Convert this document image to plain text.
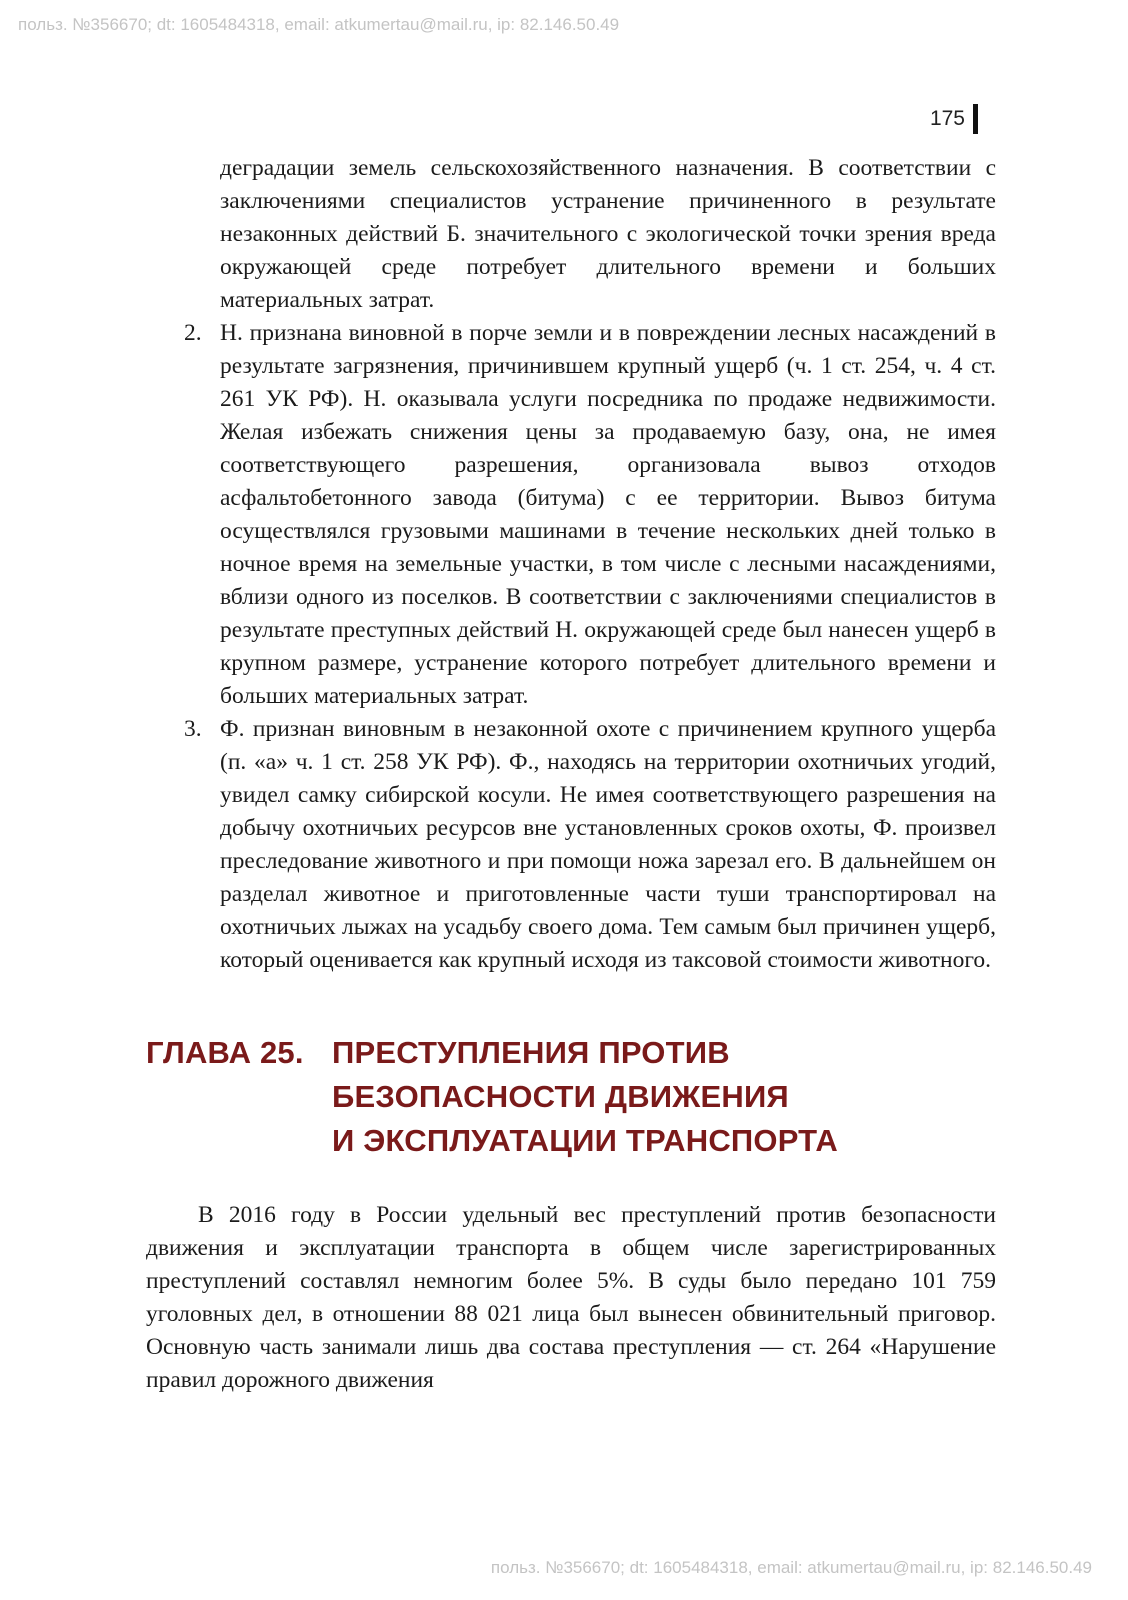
польз. №356670; dt: 1605484318, email: atkumertau@mail.ru, ip: 82.146.50.49
175

деградации земель сельскохозяйственного назначения. В соответствии с заключениями специалистов устранение причиненного в результате незаконных действий Б. значительного с экологической точки зрения вреда окружающей среде потребует длительного времени и больших материальных затрат.

2. Н. признана виновной в порче земли и в повреждении лесных насаждений в результате загрязнения, причинившем крупный ущерб (ч. 1 ст. 254, ч. 4 ст. 261 УК РФ). Н. оказывала услуги посредника по продаже недвижимости. Желая избежать снижения цены за продаваемую базу, она, не имея соответствующего разрешения, организовала вывоз отходов асфальтобетонного завода (битума) с ее территории. Вывоз битума осуществлялся грузовыми машинами в течение нескольких дней только в ночное время на земельные участки, в том числе с лесными насаждениями, вблизи одного из поселков. В соответствии с заключениями специалистов в результате преступных действий Н. окружающей среде был нанесен ущерб в крупном размере, устранение которого потребует длительного времени и больших материальных затрат.

3. Ф. признан виновным в незаконной охоте с причинением крупного ущерба (п. «а» ч. 1 ст. 258 УК РФ). Ф., находясь на территории охотничьих угодий, увидел самку сибирской косули. Не имея соответствующего разрешения на добычу охотничьих ресурсов вне установленных сроков охоты, Ф. произвел преследование животного и при помощи ножа зарезал его. В дальнейшем он разделал животное и приготовленные части туши транспортировал на охотничьих лыжах на усадьбу своего дома. Тем самым был причинен ущерб, который оценивается как крупный исходя из таксовой стоимости животного.

ГЛАВА 25. ПРЕСТУПЛЕНИЯ ПРОТИВ
БЕЗОПАСНОСТИ ДВИЖЕНИЯ
И ЭКСПЛУАТАЦИИ ТРАНСПОРТА

В 2016 году в России удельный вес преступлений против безопасности движения и эксплуатации транспорта в общем числе зарегистрированных преступлений составлял немногим более 5%. В суды было передано 101 759 уголовных дел, в отношении 88 021 лица был вынесен обвинительный приговор. Основную часть занимали лишь два состава преступления — ст. 264 «Нарушение правил дорожного движения

польз. №356670; dt: 1605484318, email: atkumertau@mail.ru, ip: 82.146.50.49
